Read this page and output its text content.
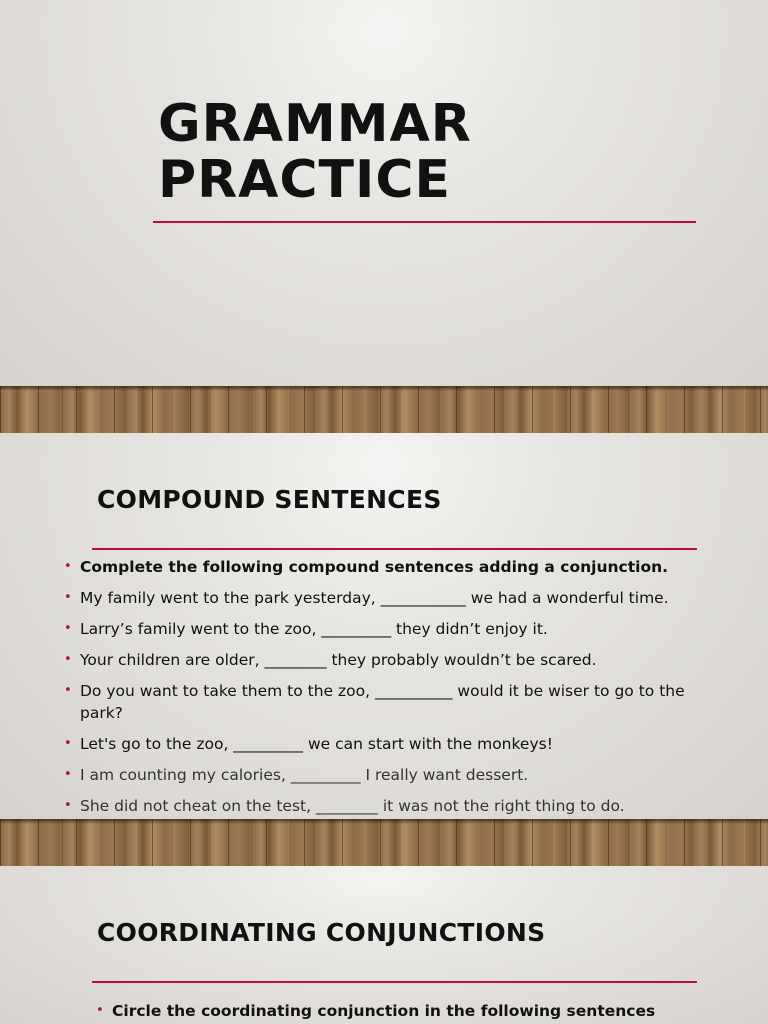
GRAMMAR
PRACTICE
COMPOUND SENTENCES
• Complete the following compound sentences adding a conjunction.
• My family went to the park yesterday, ___________ we had a wonderful time.
• Larry’s family went to the zoo, _________ they didn’t enjoy it.
• Your children are older, ________ they probably wouldn’t be scared.
• Do you want to take them to the zoo, __________ would it be wiser to go to the park?
• Let's go to the zoo, _________ we can start with the monkeys!
• I am counting my calories, _________ I really want dessert.
• She did not cheat on the test, ________ it was not the right thing to do.
COORDINATING CONJUNCTIONS
• Circle the coordinating conjunction in the following sentences
